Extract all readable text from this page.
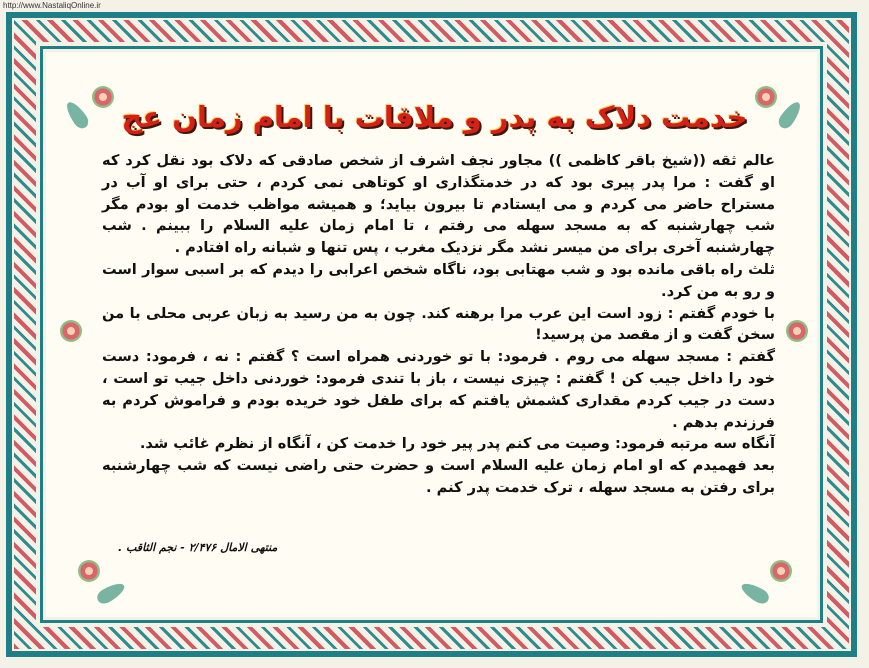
http://www.NastaliqOnline.ir
خدمت دلاک به پدر و ملاقات با امام زمان عج

عالم ثقه ((شیخ باقر کاظمی )) مجاور نجف اشرف از شخص صادقی که دلاک بود نقل کرد که او گفت : مرا پدر پیری بود که در خدمتگذاری او کوتاهی نمی کردم ، حتی برای او آب در مستراح حاضر می کردم و می ایستادم تا بیرون بیاید؛ و همیشه مواظب خدمت او بودم مگر شب چهارشنبه که به مسجد سهله می رفتم ، تا امام زمان علیه السلام را ببینم . شب چهارشنبه آخری برای من میسر نشد مگر نزدیک مغرب ، پس تنها و شبانه راه افتادم .

ثلث راه باقی مانده بود و شب مهتابی بود، ناگاه شخص اعرابی را دیدم که بر اسبی سوار است و رو به من کرد.

با خودم گفتم : زود است این عرب مرا برهنه کند. چون به من رسید به زبان عربی محلی با من سخن گفت و از مقصد من پرسید!

گفتم : مسجد سهله می روم . فرمود: با تو خوردنی همراه است ؟ گفتم : نه ، فرمود: دست خود را داخل جیب کن ! گفتم : چیزی نیست ، باز با تندی فرمود: خوردنی داخل جیب تو است ، دست در جیب کردم مقداری کشمش یافتم که برای طفل خود خریده بودم و فراموش کردم به فرزندم بدهم .

آنگاه سه مرتبه فرمود: وصیت می کنم پدر پیر خود را خدمت کن ، آنگاه از نظرم غائب شد.

بعد فهمیدم که او امام زمان علیه السلام است و حضرت حتی راضی نیست که شب چهارشنبه برای رفتن به مسجد سهله ، ترک خدمت پدر کنم .

منتهى الامال ۲/۴۷۶ - نجم الثاقب .
